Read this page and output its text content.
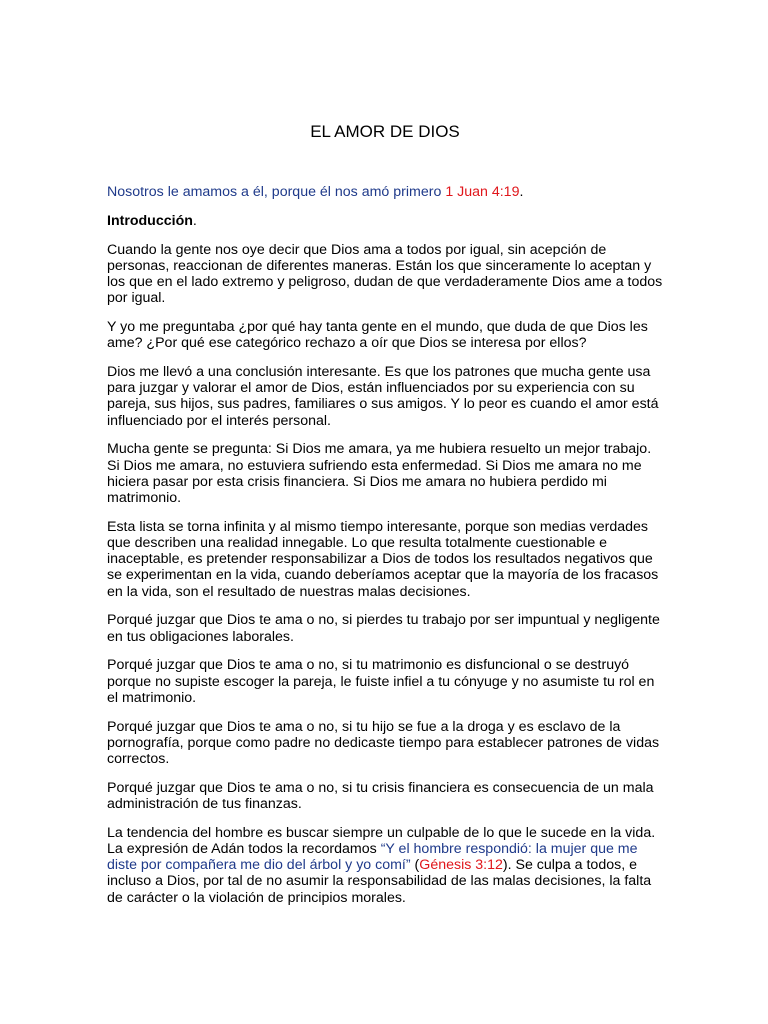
EL AMOR DE DIOS

Nosotros le amamos a él, porque él nos amó primero 1 Juan 4:19.

Introducción.

Cuando la gente nos oye decir que Dios ama a todos por igual, sin acepción de personas, reaccionan de diferentes maneras. Están los que sinceramente lo aceptan y los que en el lado extremo y peligroso, dudan de que verdaderamente Dios ame a todos por igual.

Y yo me preguntaba ¿por qué hay tanta gente en el mundo, que duda de que Dios les ame? ¿Por qué ese categórico rechazo a oír que Dios se interesa por ellos?

Dios me llevó a una conclusión interesante. Es que los patrones que mucha gente usa para juzgar y valorar el amor de Dios, están influenciados por su experiencia con su pareja, sus hijos, sus padres, familiares o sus amigos. Y lo peor es cuando el amor está influenciado por el interés personal.

Mucha gente se pregunta: Si Dios me amara, ya me hubiera resuelto un mejor trabajo. Si Dios me amara, no estuviera sufriendo esta enfermedad. Si Dios me amara no me hiciera pasar por esta crisis financiera. Si Dios me amara no hubiera perdido mi matrimonio.

Esta lista se torna infinita y al mismo tiempo interesante, porque son medias verdades que describen una realidad innegable. Lo que resulta totalmente cuestionable e inaceptable, es pretender responsabilizar a Dios de todos los resultados negativos que se experimentan en la vida, cuando deberíamos aceptar que la mayoría de los fracasos en la vida, son el resultado de nuestras malas decisiones.

Porqué juzgar que Dios te ama o no, si pierdes tu trabajo por ser impuntual y negligente en tus obligaciones laborales.

Porqué juzgar que Dios te ama o no, si tu matrimonio es disfuncional o se destruyó porque no supiste escoger la pareja, le fuiste infiel a tu cónyuge y no asumiste tu rol en el matrimonio.

Porqué juzgar que Dios te ama o no, si tu hijo se fue a la droga y es esclavo de la pornografía, porque como padre no dedicaste tiempo para establecer patrones de vidas correctos.

Porqué juzgar que Dios te ama o no, si tu crisis financiera es consecuencia de un mala administración de tus finanzas.

La tendencia del hombre es buscar siempre un culpable de lo que le sucede en la vida. La expresión de Adán todos la recordamos “Y el hombre respondió: la mujer que me diste por compañera me dio del árbol y yo comí” (Génesis 3:12). Se culpa a todos, e incluso a Dios, por tal de no asumir la responsabilidad de las malas decisiones, la falta de carácter o la violación de principios morales.
